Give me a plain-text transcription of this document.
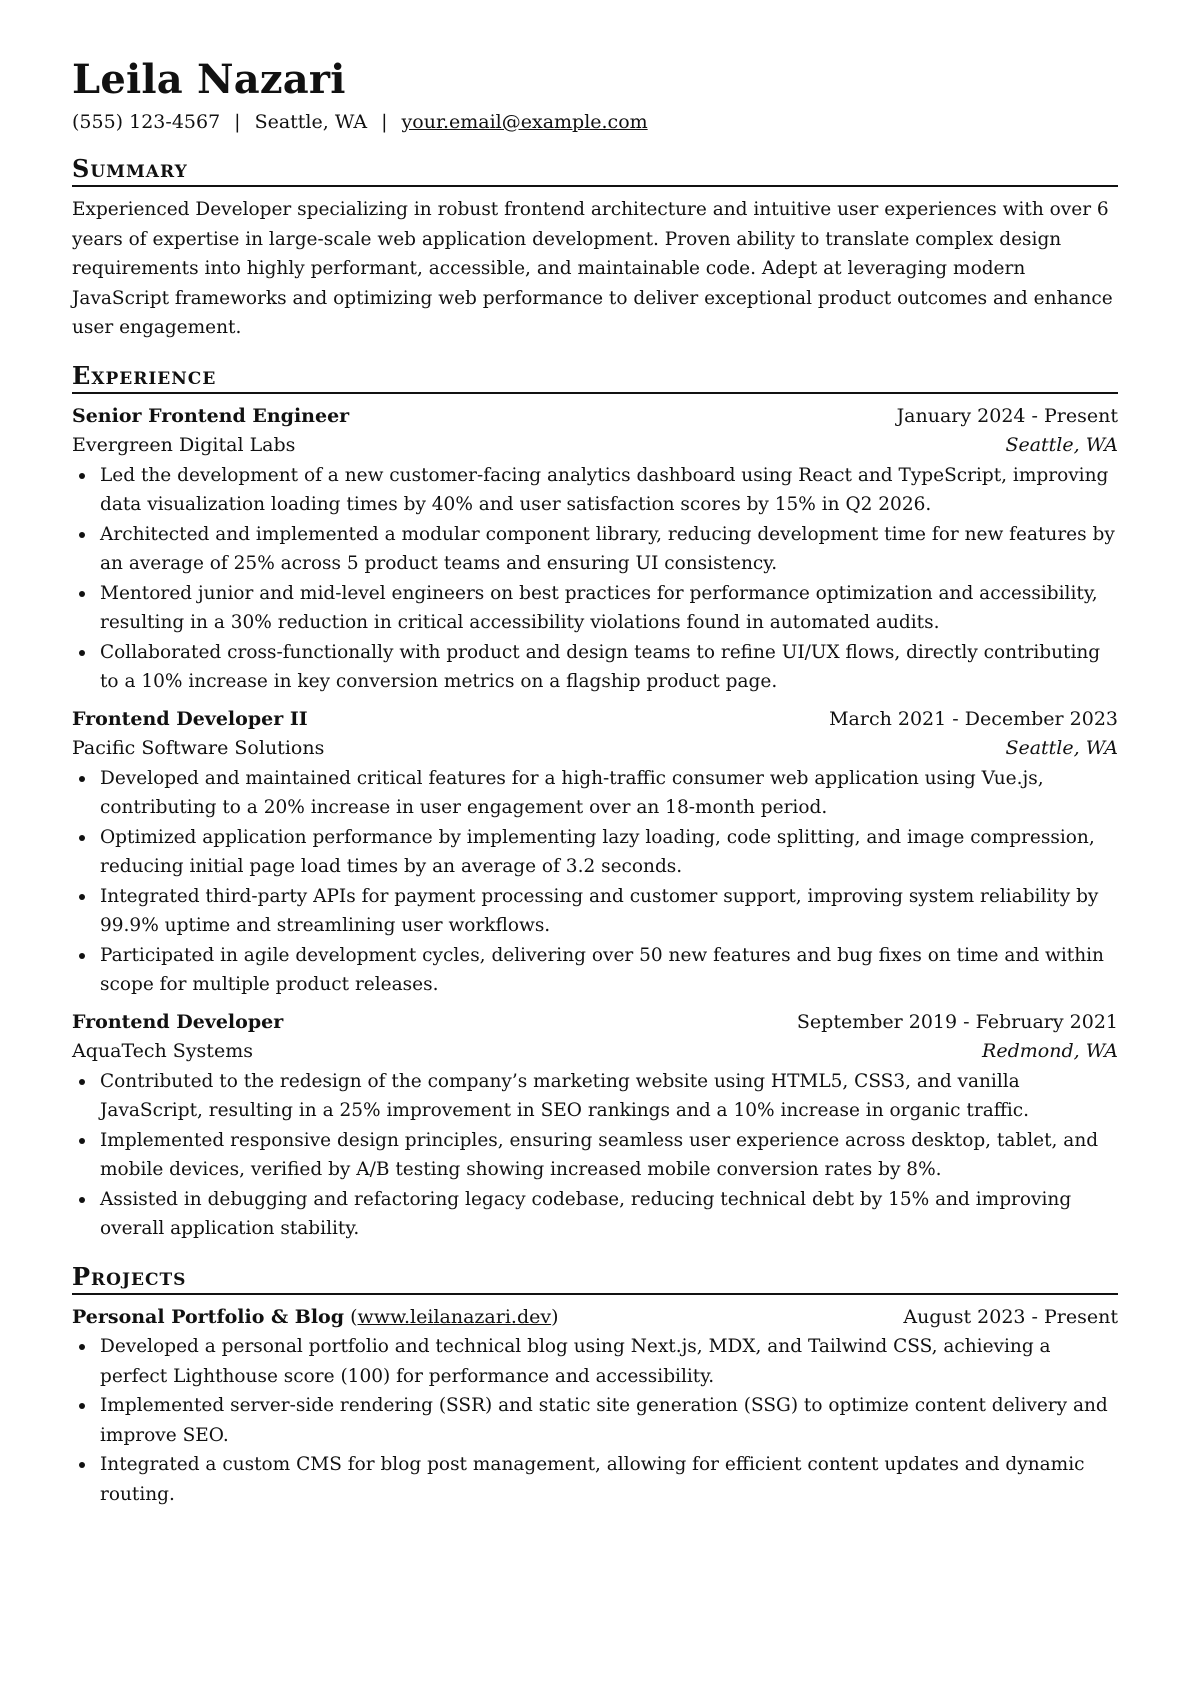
Leila Nazari
(555) 123-4567 | Seattle, WA | your.email@example.com
Summary

Experienced Developer specializing in robust frontend architecture and intuitive user experiences with over 6 years of expertise in large-scale web application development. Proven ability to translate complex design requirements into highly performant, accessible, and maintainable code. Adept at leveraging modern JavaScript frameworks and optimizing web performance to deliver exceptional product outcomes and enhance user engagement.

Experience
Senior Frontend Engineer	January 2024 - Present
Evergreen Digital Labs	Seattle, WA
Led the development of a new customer-facing analytics dashboard using React and TypeScript, improving data visualization loading times by 40% and user satisfaction scores by 15% in Q2 2026.
Architected and implemented a modular component library, reducing development time for new features by an average of 25% across 5 product teams and ensuring UI consistency.
Mentored junior and mid-level engineers on best practices for performance optimization and accessibility, resulting in a 30% reduction in critical accessibility violations found in automated audits.
Collaborated cross-functionally with product and design teams to refine UI/UX flows, directly contributing to a 10% increase in key conversion metrics on a flagship product page.
Frontend Developer II	March 2021 - December 2023
Pacific Software Solutions	Seattle, WA
Developed and maintained critical features for a high-traffic consumer web application using Vue.js, contributing to a 20% increase in user engagement over an 18-month period.
Optimized application performance by implementing lazy loading, code splitting, and image compression, reducing initial page load times by an average of 3.2 seconds.
Integrated third-party APIs for payment processing and customer support, improving system reliability by 99.9% uptime and streamlining user workflows.
Participated in agile development cycles, delivering over 50 new features and bug fixes on time and within scope for multiple product releases.
Frontend Developer	September 2019 - February 2021
AquaTech Systems	Redmond, WA
Contributed to the redesign of the company’s marketing website using HTML5, CSS3, and vanilla JavaScript, resulting in a 25% improvement in SEO rankings and a 10% increase in organic traffic.
Implemented responsive design principles, ensuring seamless user experience across desktop, tablet, and mobile devices, verified by A/B testing showing increased mobile conversion rates by 8%.
Assisted in debugging and refactoring legacy codebase, reducing technical debt by 15% and improving overall application stability.
Projects
Personal Portfolio & Blog (www.leilanazari.dev)	August 2023 - Present
Developed a personal portfolio and technical blog using Next.js, MDX, and Tailwind CSS, achieving a perfect Lighthouse score (100) for performance and accessibility.
Implemented server-side rendering (SSR) and static site generation (SSG) to optimize content delivery and improve SEO.
Integrated a custom CMS for blog post management, allowing for efficient content updates and dynamic routing.
